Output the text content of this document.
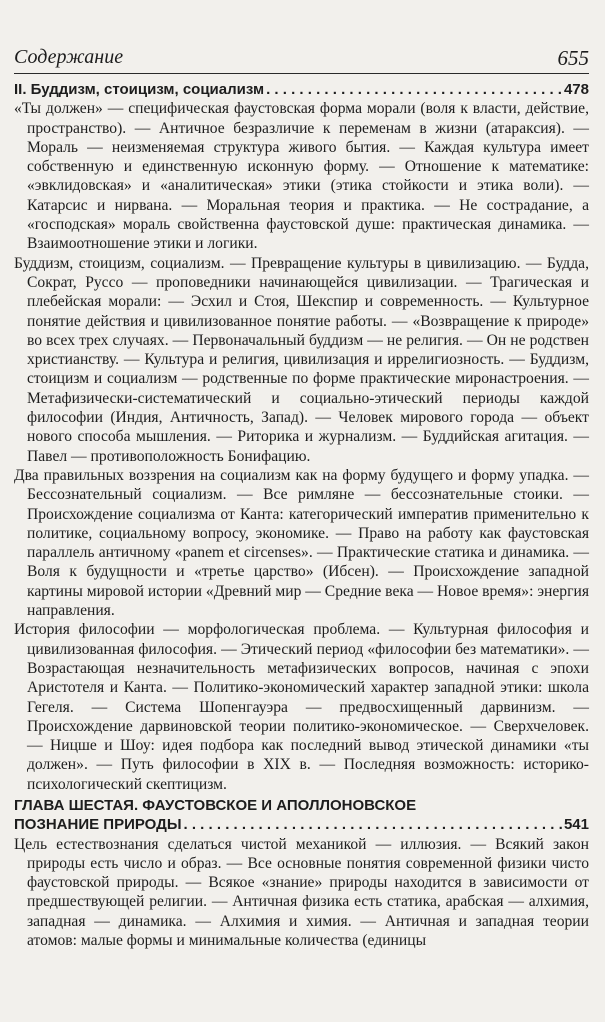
Содержание	655
II. Буддизм, стоицизм, социализм . . .	478

«Ты должен» — специфическая фаустовская форма морали (воля к власти, действие, пространство). — Античное безразличие к переменам в жизни (атараксия). — Мораль — неизменяемая структура живого бытия. — Каждая культура имеет собственную и единственную исконную форму. — Отношение к математике: «эвклидовская» и «аналитическая» этики (этика стойкости и этика воли). — Катарсис и нирвана. — Моральная теория и практика. — Не сострадание, а «господская» мораль свойственна фаустовской душе: практическая динамика. — Взаимоотношение этики и логики.

Буддизм, стоицизм, социализм. — Превращение культуры в цивилизацию. — Будда, Сократ, Руссо — проповедники начинающейся цивилизации. — Трагическая и плебейская морали: — Эсхил и Стоя, Шекспир и современность. — Культурное понятие действия и цивилизованное понятие работы. — «Возвращение к природе» во всех трех случаях. — Первоначальный буддизм — не религия. — Он не родствен христианству. — Культура и религия, цивилизация и иррелигиозность. — Буддизм, стоицизм и социализм — родственные по форме практические миронастроения. — Метафизически-систематический и социально-этический периоды каждой философии (Индия, Античность, Запад). — Человек мирового города — объект нового способа мышления. — Риторика и журнализм. — Буддийская агитация. — Павел — противоположность Бонифацию.

Два правильных воззрения на социализм как на форму будущего и форму упадка. — Бессознательный социализм. — Все римляне — бессознательные стоики. — Происхождение социализма от Канта: категорический императив применительно к политике, социальному вопросу, экономике. — Право на работу как фаустовская параллель античному «panem et circenses». — Практические статика и динамика. — Воля к будущности и «третье царство» (Ибсен). — Происхождение западной картины мировой истории «Древний мир — Средние века — Новое время»: энергия направления.

История философии — морфологическая проблема. — Культурная философия и цивилизованная философия. — Этический период «философии без математики». — Возрастающая незначительность метафизических вопросов, начиная с эпохи Аристотеля и Канта. — Политико-экономический характер западной этики: школа Гегеля. — Система Шопенгауэра — предвосхищенный дарвинизм. — Происхождение дарвиновской теории политико-экономическое. — Сверхчеловек. — Ницше и Шоу: идея подбора как последний вывод этической динамики «ты должен». — Путь философии в XIX в. — Последняя возможность: историко-психологический скептицизм.

ГЛАВА ШЕСТАЯ. ФАУСТОВСКОЕ И АПОЛЛОНОВСКОЕ
ПОЗНАНИЕ ПРИРОДЫ . . .	541

Цель естествознания сделаться чистой механикой — иллюзия. — Всякий закон природы есть число и образ. — Все основные понятия современной физики чисто фаустовской природы. — Всякое «знание» природы находится в зависимости от предшествующей религии. — Античная физика есть статика, арабская — алхимия, западная — динамика. — Алхимия и химия. — Античная и западная теории атомов: малые формы и минимальные количества (единицы
